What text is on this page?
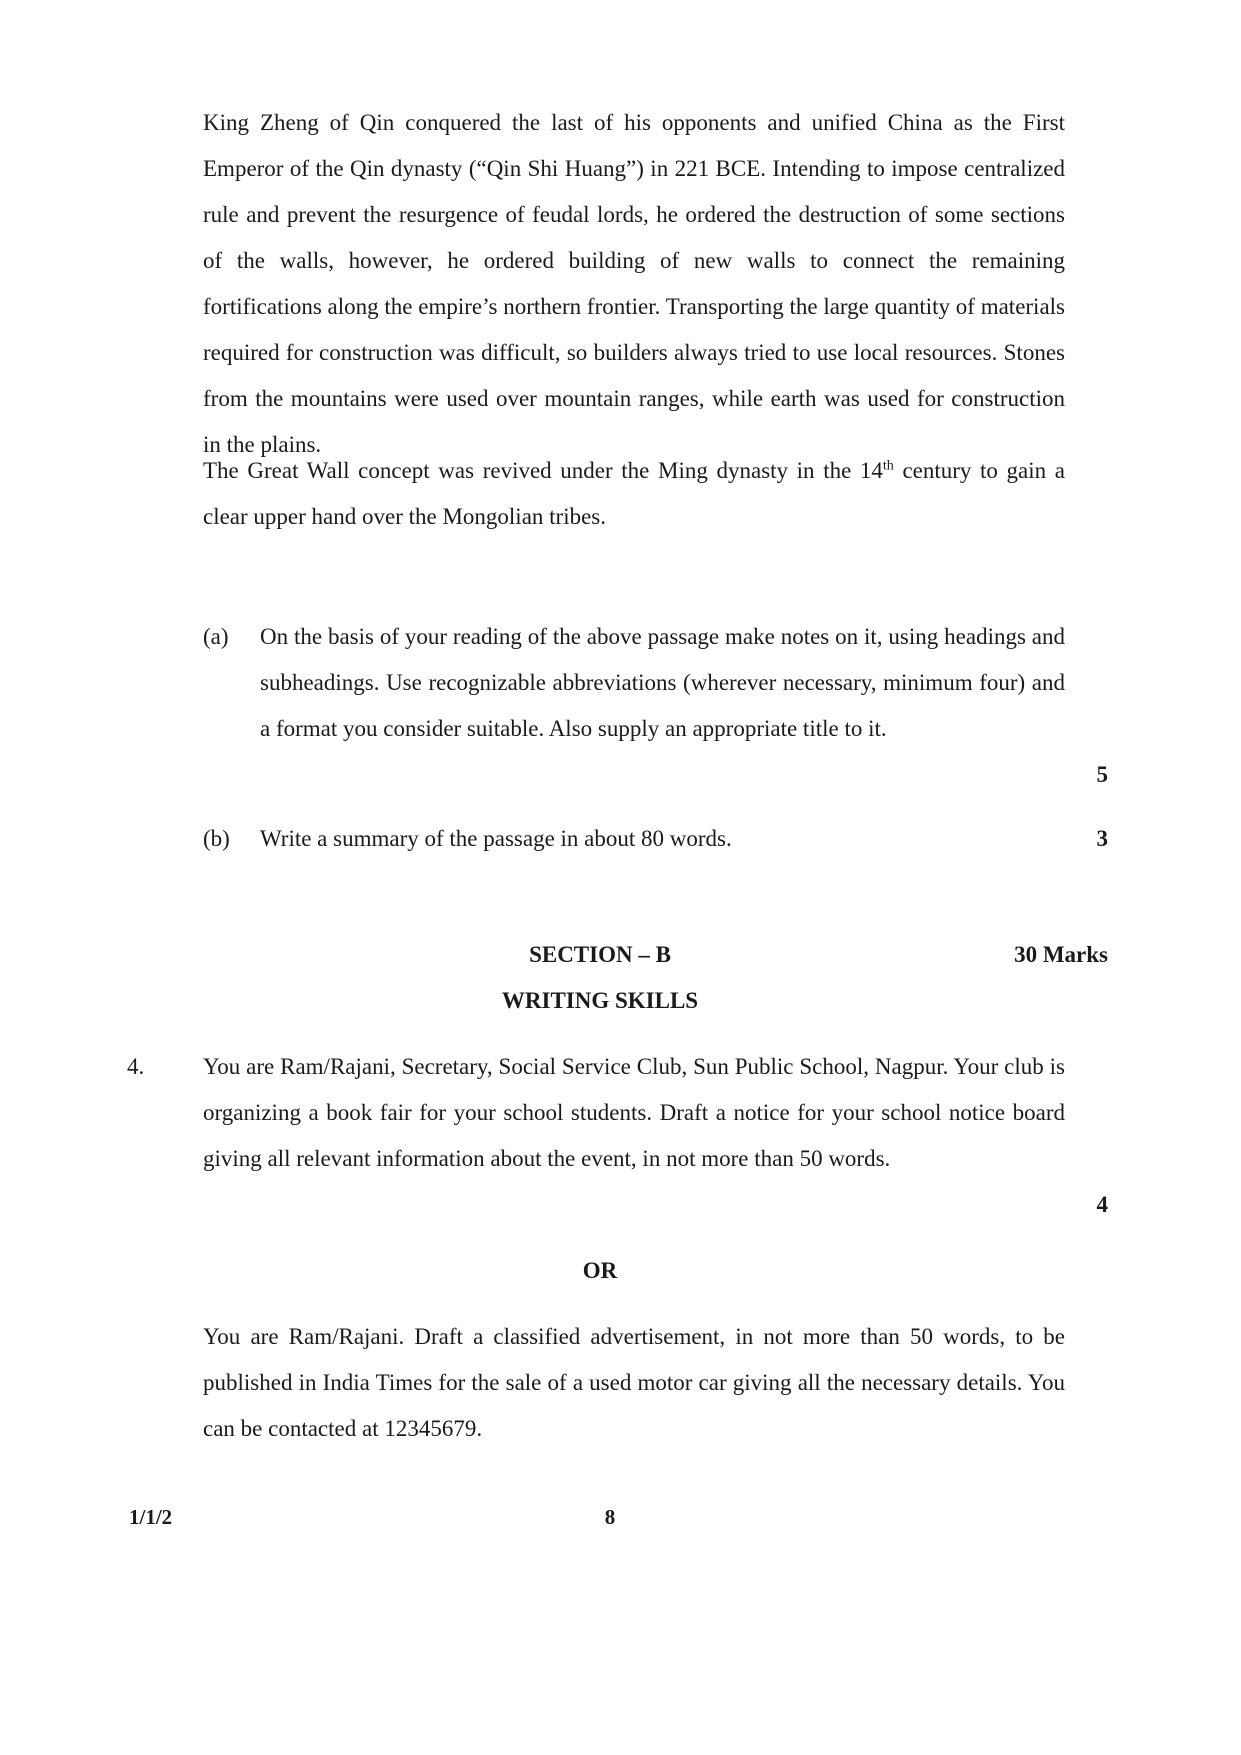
King Zheng of Qin conquered the last of his opponents and unified China as the First Emperor of the Qin dynasty (“Qin Shi Huang”) in 221 BCE. Intending to impose centralized rule and prevent the resurgence of feudal lords, he ordered the destruction of some sections of the walls, however, he ordered building of new walls to connect the remaining fortifications along the empire’s northern frontier. Transporting the large quantity of materials required for construction was difficult, so builders always tried to use local resources. Stones from the mountains were used over mountain ranges, while earth was used for construction in the plains.

The Great Wall concept was revived under the Ming dynasty in the 14th century to gain a clear upper hand over the Mongolian tribes.

(a) On the basis of your reading of the above passage make notes on it, using headings and subheadings. Use recognizable abbreviations (wherever necessary, minimum four) and a format you consider suitable. Also supply an appropriate title to it.

5
(b) Write a summary of the passage in about 80 words.	3
SECTION – B	30 Marks
WRITING SKILLS
4.	You are Ram/Rajani, Secretary, Social Service Club, Sun Public School, Nagpur. Your club is organizing a book fair for your school students. Draft a notice for your school notice board giving all relevant information about the event, in not more than 50 words.

4
OR

You are Ram/Rajani. Draft a classified advertisement, in not more than 50 words, to be published in India Times for the sale of a used motor car giving all the necessary details. You can be contacted at 12345679.

1/1/2	8
